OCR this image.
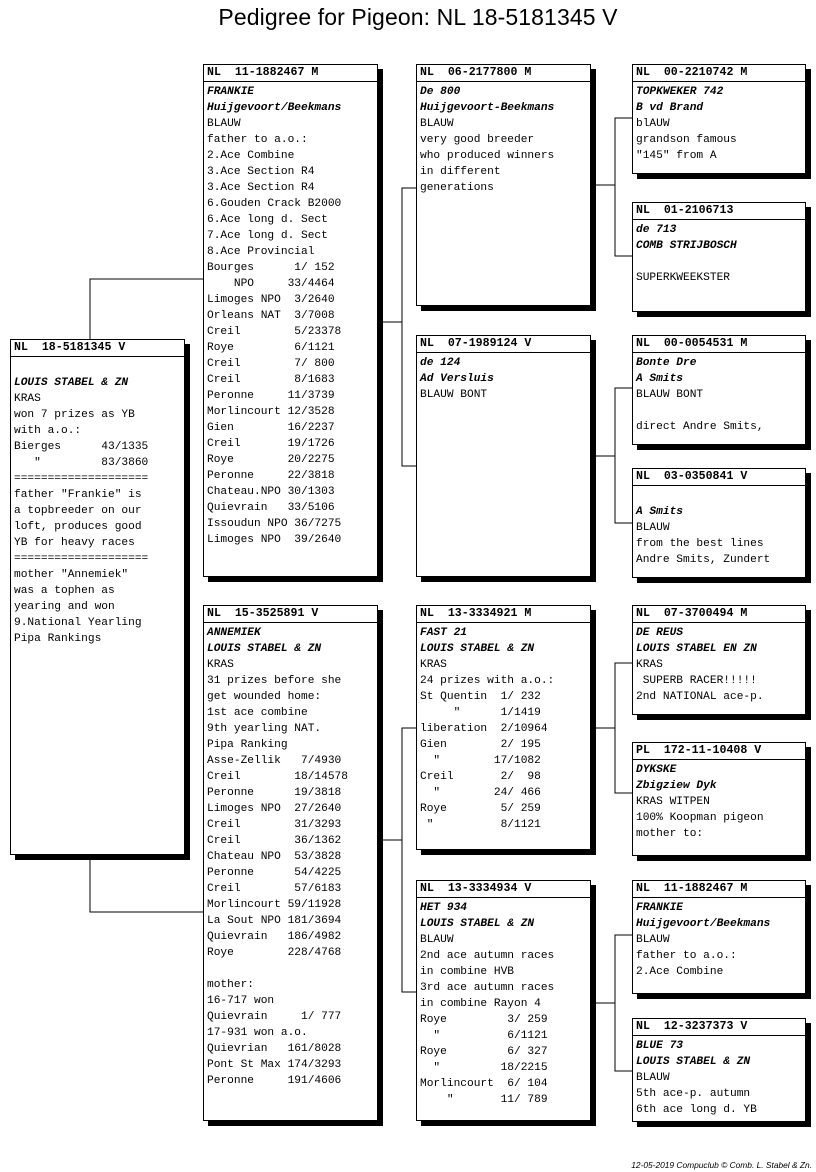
Pedigree for Pigeon: NL 18-5181345 V
NL  18-5181345 V
LOUIS STABEL & ZN
KRAS
won 7 prizes as YB
with a.o.:
Bierges      43/1335
"         83/3860
====================
father "Frankie" is
a topbreeder on our
loft, produces good
YB for heavy races
====================
mother "Annemiek"
was a tophen as
yearing and won
9.National Yearling
Pipa Rankings
NL  11-1882467 M
FRANKIE
Huijgevoort/Beekmans
BLAUW
father to a.o.:
2.Ace Combine
3.Ace Section R4
3.Ace Section R4
6.Gouden Crack B2000
6.Ace long d. Sect
7.Ace long d. Sect
8.Ace Provincial
Bourges      1/ 152
NPO     33/4464
Limoges NPO  3/2640
Orleans NAT  3/7008
Creil        5/23378
Roye         6/1121
Creil        7/ 800
Creil        8/1683
Peronne     11/3739
Morlincourt 12/3528
Gien        16/2237
Creil       19/1726
Roye        20/2275
Peronne     22/3818
Chateau.NPO 30/1303
Quievrain   33/5106
Issoudun NPO 36/7275
Limoges NPO  39/2640
NL  15-3525891 V
ANNEMIEK
LOUIS STABEL & ZN
KRAS
31 prizes before she
get wounded home:
1st ace combine
9th yearling NAT.
Pipa Ranking
Asse-Zellik   7/4930
Creil        18/14578
Peronne      19/3818
Limoges NPO  27/2640
Creil        31/3293
Creil        36/1362
Chateau NPO  53/3828
Peronne      54/4225
Creil        57/6183
Morlincourt 59/11928
La Sout NPO 181/3694
Quievrain   186/4982
Roye        228/4768
mother:
16-717 won
Quievrain     1/ 777
17-931 won a.o.
Quievrian   161/8028
Pont St Max 174/3293
Peronne     191/4606
NL  06-2177800 M
De 800
Huijgevoort-Beekmans
BLAUW
very good breeder
who produced winners
in different
generations
NL  07-1989124 V
de 124
Ad Versluis
BLAUW BONT
NL  13-3334921 M
FAST 21
LOUIS STABEL & ZN
KRAS
24 prizes with a.o.:
St Quentin  1/ 232
"      1/1419
liberation  2/10964
Gien        2/ 195
"        17/1082
Creil       2/  98
"        24/ 466
Roye        5/ 259
"          8/1121
NL  13-3334934 V
HET 934
LOUIS STABEL & ZN
BLAUW
2nd ace autumn races
in combine HVB
3rd ace autumn races
in combine Rayon 4
Roye         3/ 259
"          6/1121
Roye         6/ 327
"         18/2215
Morlincourt  6/ 104
"       11/ 789
NL  00-2210742 M
TOPKWEKER 742
B vd Brand
blAUW
grandson famous
"145" from A
NL  01-2106713
de 713
COMB STRIJBOSCH
SUPERKWEEKSTER
NL  00-0054531 M
Bonte Dre
A Smits
BLAUW BONT
direct Andre Smits,
NL  03-0350841 V
A Smits
BLAUW
from the best lines
Andre Smits, Zundert
NL  07-3700494 M
DE REUS
LOUIS STABEL EN ZN
KRAS
SUPERB RACER!!!!!
2nd NATIONAL ace-p.
PL  172-11-10408 V
DYKSKE
Zbigziew Dyk
KRAS WITPEN
100% Koopman pigeon
mother to:
NL  11-1882467 M
FRANKIE
Huijgevoort/Beekmans
BLAUW
father to a.o.:
2.Ace Combine
NL  12-3237373 V
BLUE 73
LOUIS STABEL & ZN
BLAUW
5th ace-p. autumn
6th ace long d. YB
12-05-2019 Compuclub © Comb. L. Stabel & Zn.
